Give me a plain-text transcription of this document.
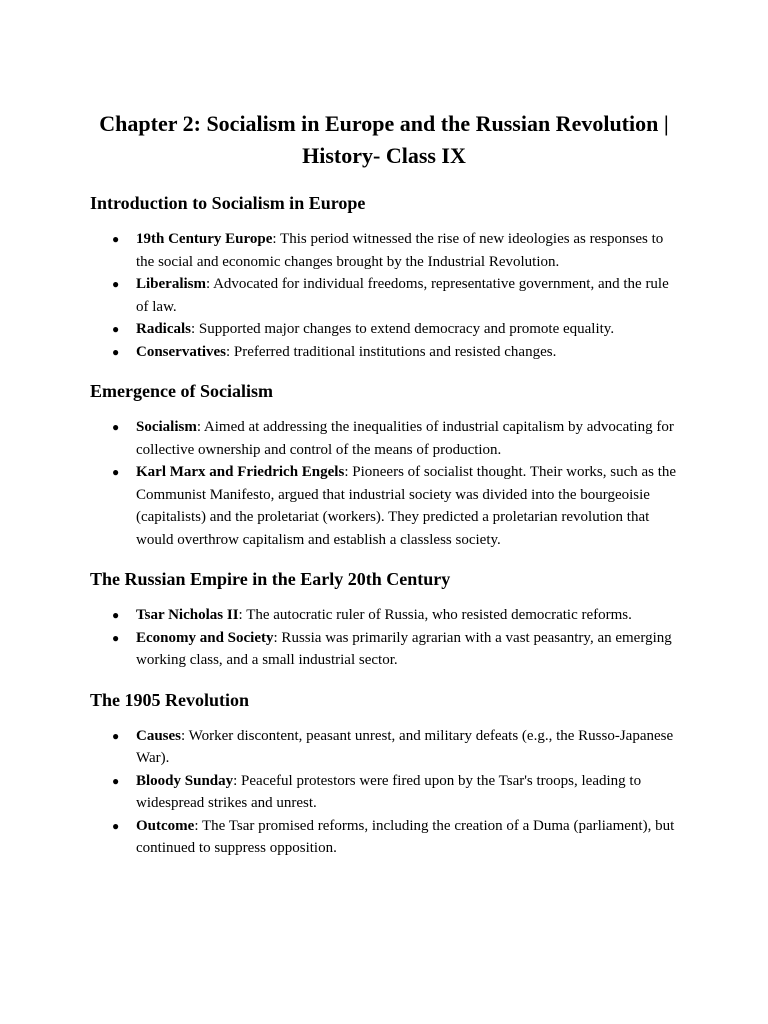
Chapter 2: Socialism in Europe and the Russian Revolution | History- Class IX
Introduction to Socialism in Europe
● 19th Century Europe: This period witnessed the rise of new ideologies as responses to the social and economic changes brought by the Industrial Revolution.
● Liberalism: Advocated for individual freedoms, representative government, and the rule of law.
● Radicals: Supported major changes to extend democracy and promote equality.
● Conservatives: Preferred traditional institutions and resisted changes.
Emergence of Socialism
● Socialism: Aimed at addressing the inequalities of industrial capitalism by advocating for collective ownership and control of the means of production.
● Karl Marx and Friedrich Engels: Pioneers of socialist thought. Their works, such as the Communist Manifesto, argued that industrial society was divided into the bourgeoisie (capitalists) and the proletariat (workers). They predicted a proletarian revolution that would overthrow capitalism and establish a classless society.
The Russian Empire in the Early 20th Century
● Tsar Nicholas II: The autocratic ruler of Russia, who resisted democratic reforms.
● Economy and Society: Russia was primarily agrarian with a vast peasantry, an emerging working class, and a small industrial sector.
The 1905 Revolution
● Causes: Worker discontent, peasant unrest, and military defeats (e.g., the Russo-Japanese War).
● Bloody Sunday: Peaceful protestors were fired upon by the Tsar's troops, leading to widespread strikes and unrest.
● Outcome: The Tsar promised reforms, including the creation of a Duma (parliament), but continued to suppress opposition.
